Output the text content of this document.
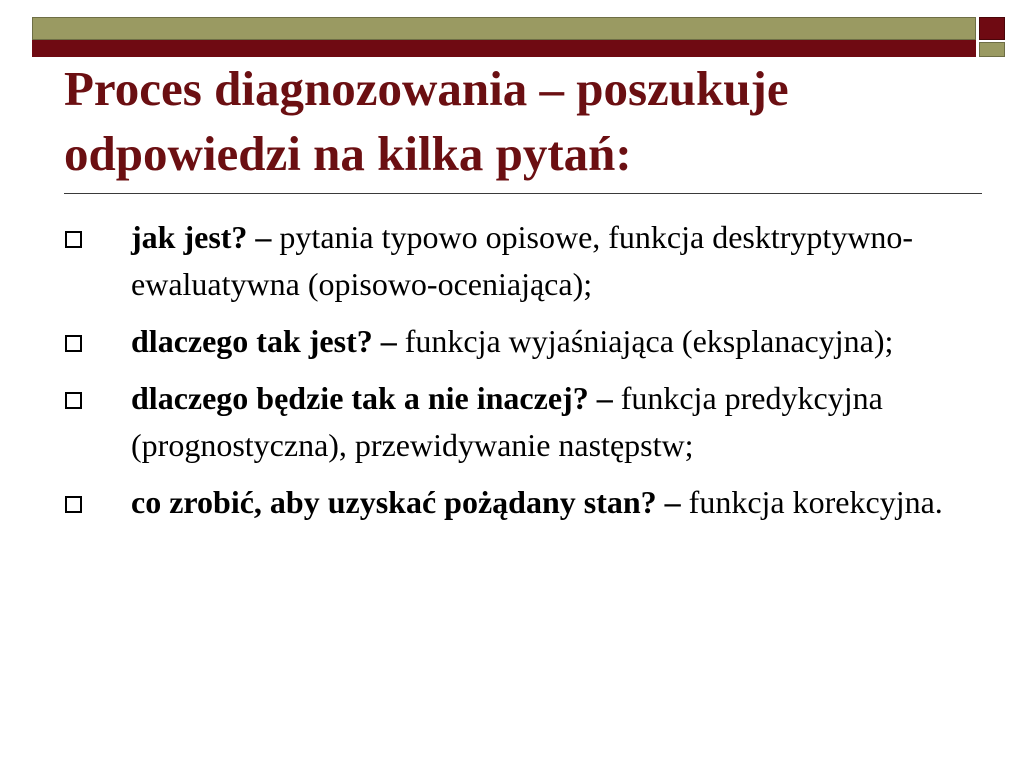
Proces diagnozowania – poszukuje odpowiedzi na kilka pytań:
jak jest? – pytania typowo opisowe, funkcja desktryptywno-ewaluatywna (opisowo-oceniająca);
dlaczego tak jest? – funkcja wyjaśniająca (eksplanacyjna);
dlaczego będzie tak a nie inaczej? – funkcja predykcyjna (prognostyczna), przewidywanie następstw;
co zrobić, aby uzyskać pożądany stan? – funkcja korekcyjna.
